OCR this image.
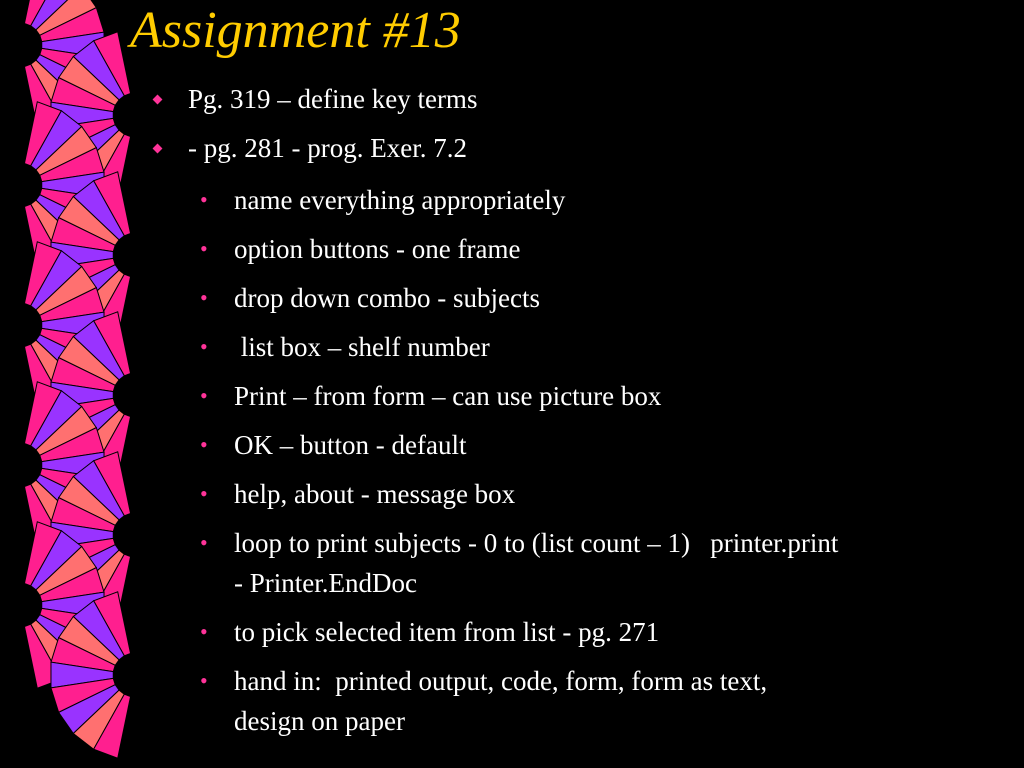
Assignment #13
Pg. 319 – define key terms
- pg. 281 - prog. Exer. 7.2
• name everything appropriately
• option buttons - one frame
• drop down combo - subjects
• list box – shelf number
• Print – from form – can use picture box
• OK – button - default
• help, about - message box
• loop to print subjects - 0 to (list count – 1)   printer.print
- Printer.EndDoc
• to pick selected item from list - pg. 271
• hand in:  printed output, code, form, form as text,
design on paper
